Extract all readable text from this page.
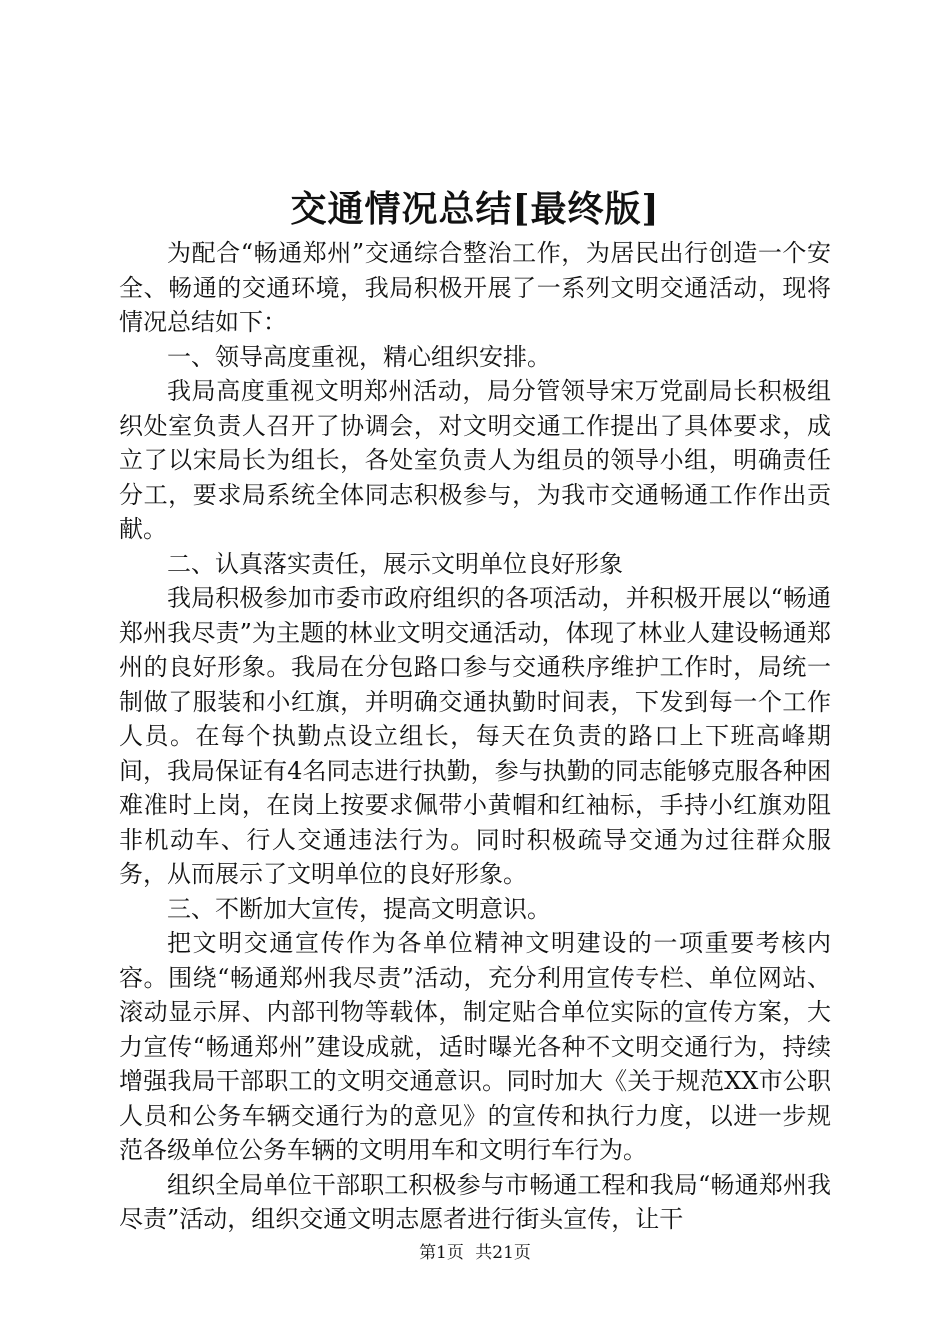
交通情况总结[最终版]

为配合“畅通郑州”交通综合整治工作，为居民出行创造一个安全、畅通的交通环境，我局积极开展了一系列文明交通活动，现将情况总结如下：

一、领导高度重视，精心组织安排。

我局高度重视文明郑州活动，局分管领导宋万党副局长积极组织处室负责人召开了协调会，对文明交通工作提出了具体要求，成立了以宋局长为组长，各处室负责人为组员的领导小组，明确责任分工，要求局系统全体同志积极参与，为我市交通畅通工作作出贡献。

二、认真落实责任，展示文明单位良好形象

我局积极参加市委市政府组织的各项活动，并积极开展以“畅通郑州我尽责”为主题的林业文明交通活动，体现了林业人建设畅通郑州的良好形象。我局在分包路口参与交通秩序维护工作时，局统一制做了服装和小红旗，并明确交通执勤时间表，下发到每一个工作人员。在每个执勤点设立组长，每天在负责的路口上下班高峰期间，我局保证有4名同志进行执勤，参与执勤的同志能够克服各种困难准时上岗，在岗上按要求佩带小黄帽和红袖标，手持小红旗劝阻非机动车、行人交通违法行为。同时积极疏导交通为过往群众服务，从而展示了文明单位的良好形象。

三、不断加大宣传，提高文明意识。

把文明交通宣传作为各单位精神文明建设的一项重要考核内容。围绕“畅通郑州我尽责”活动，充分利用宣传专栏、单位网站、滚动显示屏、内部刊物等载体，制定贴合单位实际的宣传方案，大力宣传“畅通郑州”建设成就，适时曝光各种不文明交通行为，持续增强我局干部职工的文明交通意识。同时加大《关于规范XX市公职人员和公务车辆交通行为的意见》的宣传和执行力度，以进一步规范各级单位公务车辆的文明用车和文明行车行为。

组织全局单位干部职工积极参与市畅通工程和我局“畅通郑州我尽责”活动，组织交通文明志愿者进行街头宣传，让干

第1页 共21页
